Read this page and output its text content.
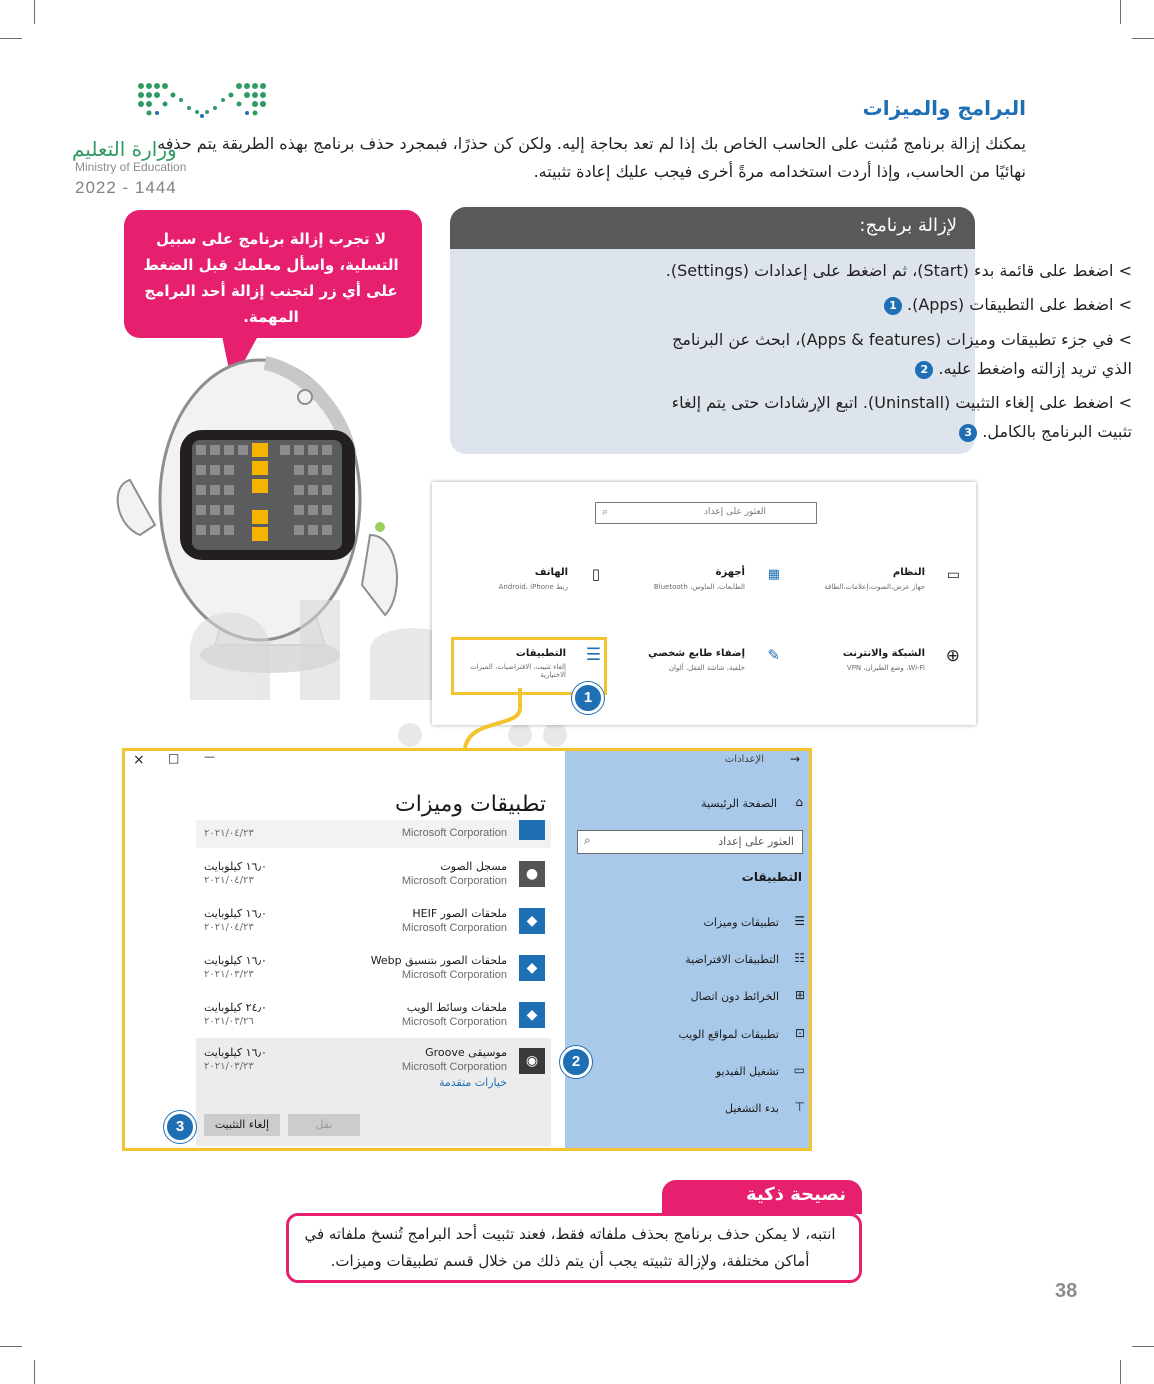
وزارة التعليم
Ministry of Education
2022 - 1444
البرامج والميزات
يمكنك إزالة برنامج مُثبت على الحاسب الخاص بك إذا لم تعد بحاجة إليه. ولكن كن حذرًا، فبمجرد حذف برنامج بهذه الطريقة يتم حذفه نهائيًا من الحاسب، وإذا أردت استخدامه مرةً أخرى فيجب عليك إعادة تثبيته.
لإزالة برنامج:
> اضغط على قائمة بدء (Start)، ثم اضغط على إعدادات (Settings).
> اضغط على التطبيقات (Apps). 1
> في جزء تطبيقات وميزات (Apps & features)، ابحث عن البرنامج الذي تريد إزالته واضغط عليه. 2
> اضغط على إلغاء التثبيت (Uninstall). اتبع الإرشادات حتى يتم إلغاء تثبيت البرنامج بالكامل. 3
لا تجرب إزالة برنامج على سبيل التسلية، واسأل معلمك قبل الضغط على أي زر لتجنب إزالة أحد البرامج المهمة.
⌕	العثور على إعداد
▭
النظام
جهاز عرض،الصوت،إعلامات،الطاقة
▦
أجهزة
الطابعات، الماوس، Bluetooth
▯
الهاتف
ربط Android، iPhone
⊕
الشبكة والانترنت
Wi-Fi، وضع الطيران، VPN
✎
إضفاء طابع شخصي
خلفية، شاشة القفل، ألوان
☰
التطبيقات
إلغاء تثبيت، الافتراضيات، الميزات الاختيارية
1
× □ —	→
الإعدادات
⌂
الصفحة الرئيسية
⌕	العثور على إعداد
التطبيقات
☰
تطبيقات وميزات
☷
التطبيقات الافتراضية
⊞
الخرائط دون اتصال
⊡
تطبيقات لمواقع الويب
▭
تشغيل الفيديو
⊤
بدء التشغيل
تطبيقات وميزات
Microsoft Corporation
٢٠٢١/٠٤/٢٣
●
مسجل الصوت
Microsoft Corporation
١٦٫٠ كيلوبايت
٢٠٢١/٠٤/٢٣
◆
ملحقات الصور HEIF
Microsoft Corporation
١٦٫٠ كيلوبايت
٢٠٢١/٠٤/٢٣
◆
ملحقات الصور بتنسيق Webp
Microsoft Corporation
١٦٫٠ كيلوبايت
٢٠٢١/٠٣/٢٣
◆
ملحقات وسائط الويب
Microsoft Corporation
٢٤٫٠ كيلوبايت
٢٠٢١/٠٣/٢٦
◉
موسيقى Groove
Microsoft Corporation
١٦٫٠ كيلوبايت
٢٠٢١/٠٣/٢٣
خيارات متقدمة
إلغاء التثبيت	نقل
2
3
نصيحة ذكية
انتبه، لا يمكن حذف برنامج بحذف ملفاته فقط، فعند تثبيت أحد البرامج تُنسخ ملفاته في أماكن مختلفة، ولإزالة تثبيته يجب أن يتم ذلك من خلال قسم تطبيقات وميزات.
38
